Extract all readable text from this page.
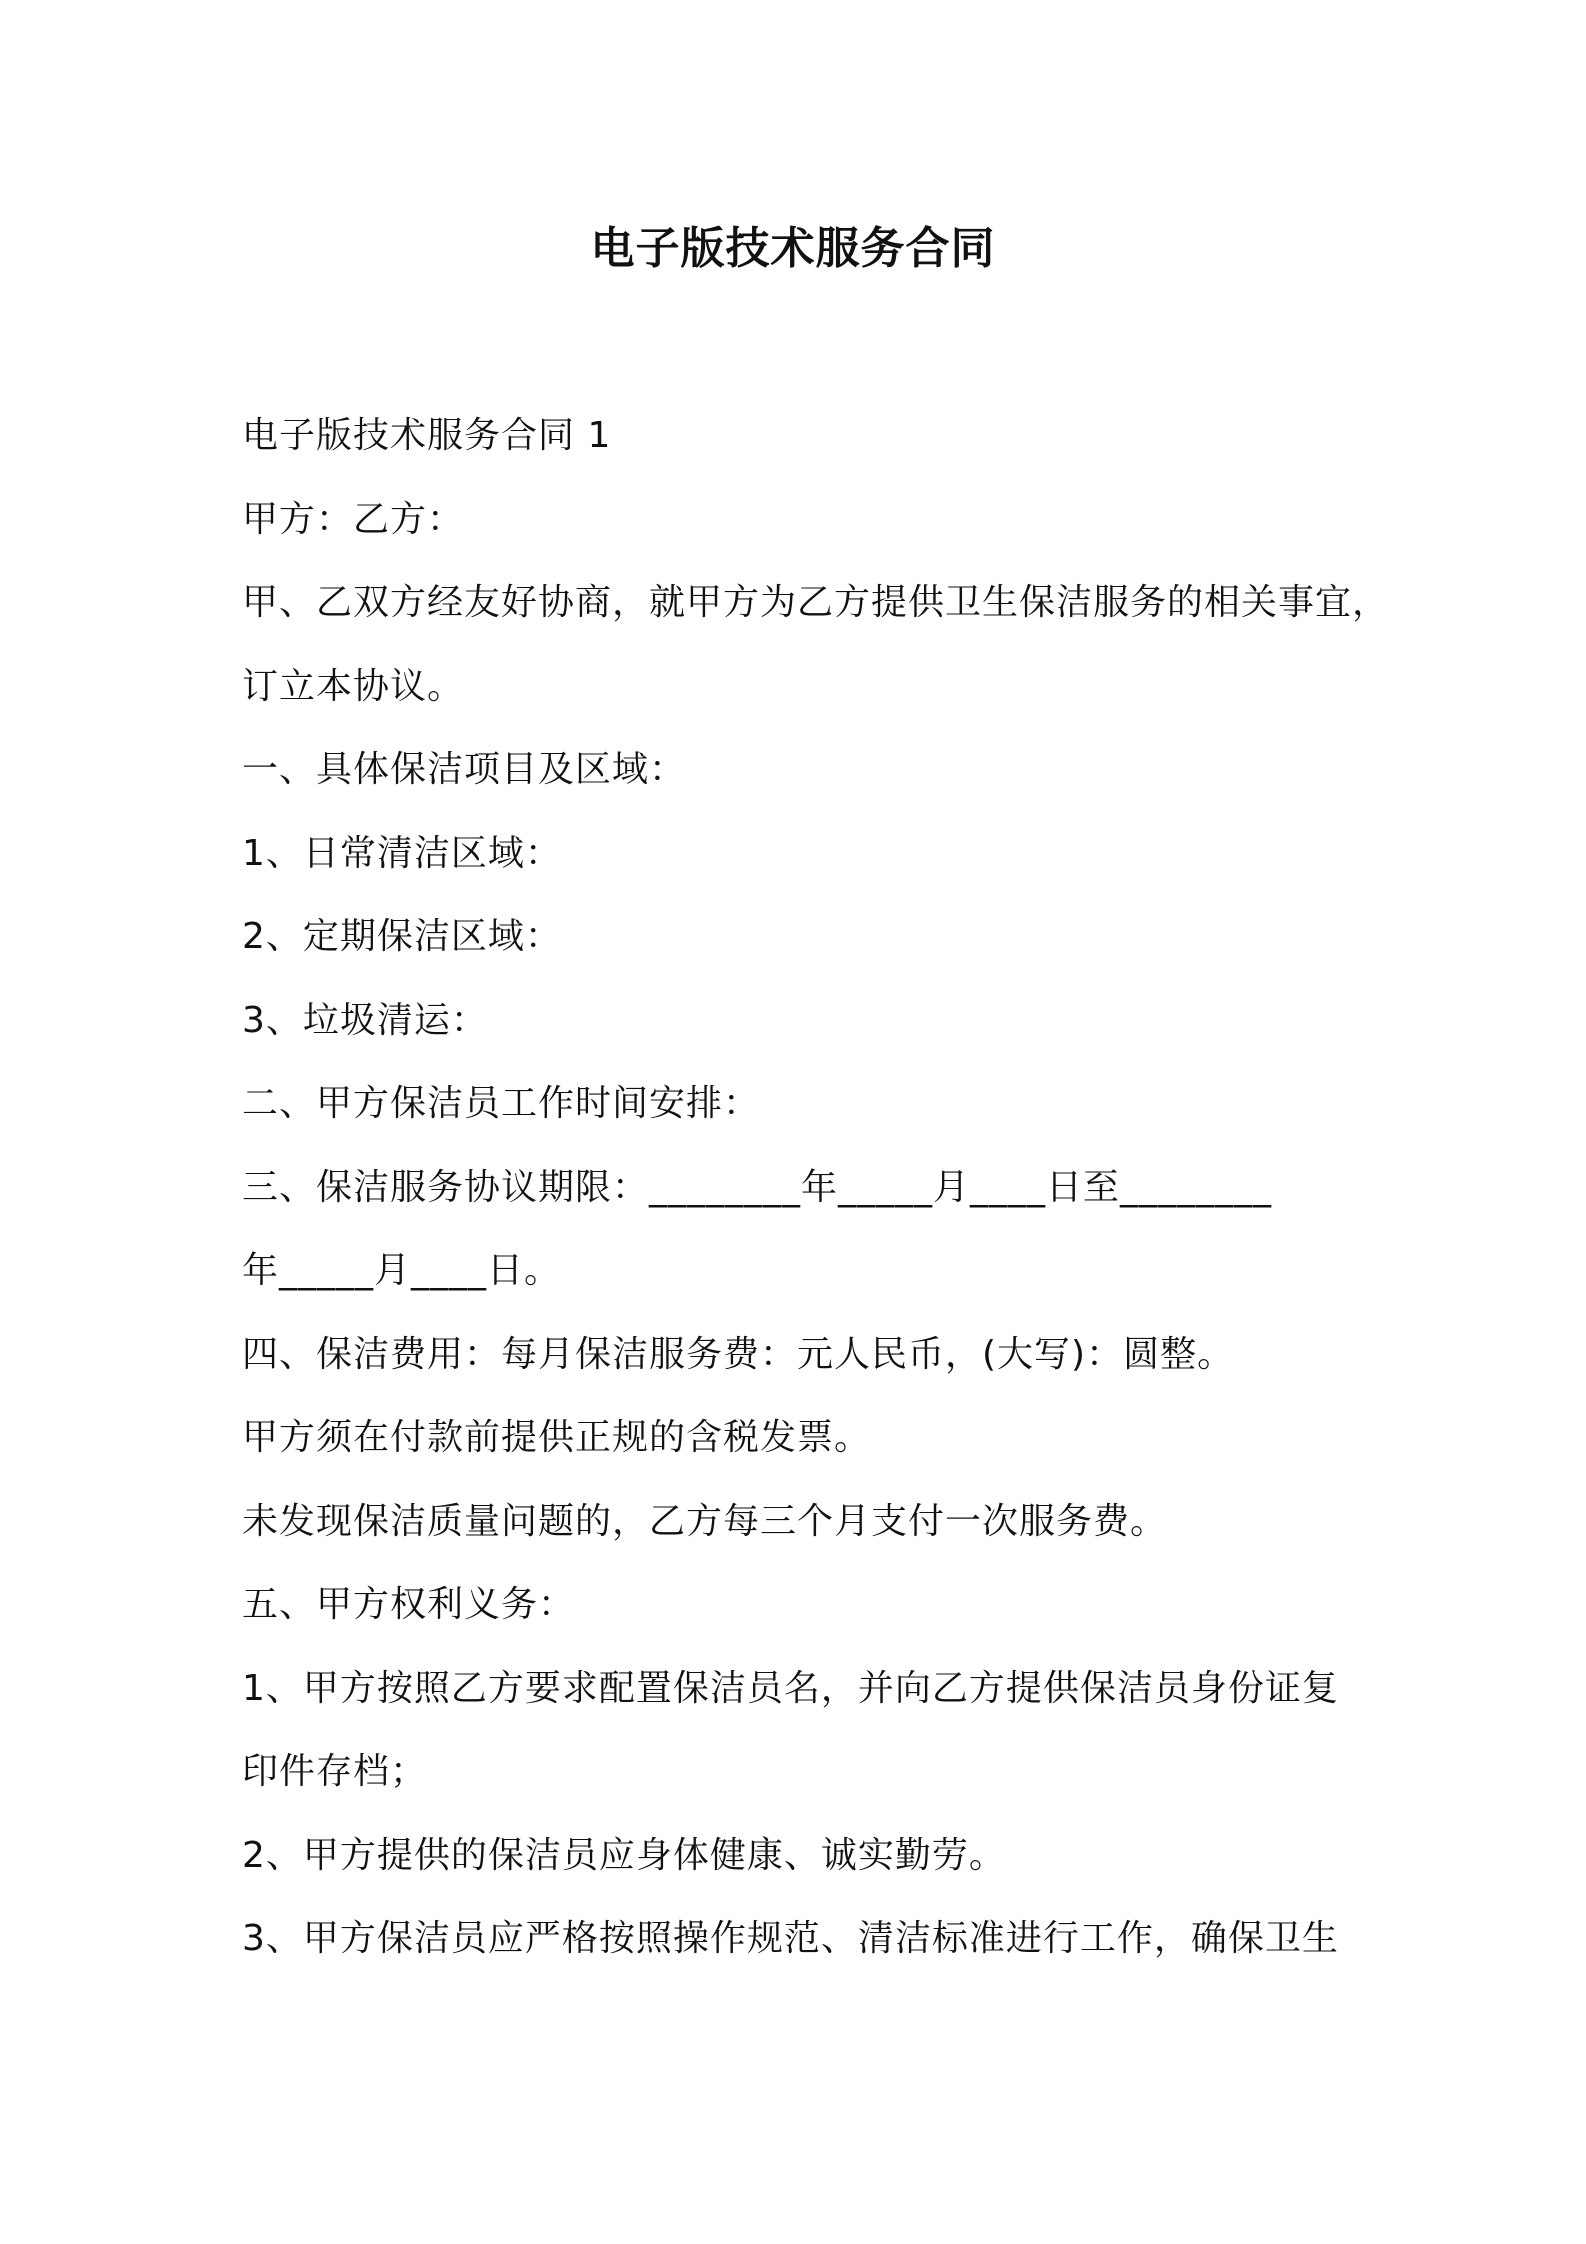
电子版技术服务合同

电子版技术服务合同 1

甲方：乙方：

甲、乙双方经友好协商，就甲方为乙方提供卫生保洁服务的相关事宜，

订立本协议。

一、具体保洁项目及区域：

1、日常清洁区域：

2、定期保洁区域：

3、垃圾清运：

二、甲方保洁员工作时间安排：

三、保洁服务协议期限：________年_____月____日至________

年_____月____日。

四、保洁费用：每月保洁服务费：元人民币，(大写)：圆整。

甲方须在付款前提供正规的含税发票。

未发现保洁质量问题的，乙方每三个月支付一次服务费。

五、甲方权利义务：

1、甲方按照乙方要求配置保洁员名，并向乙方提供保洁员身份证复

印件存档；

2、甲方提供的保洁员应身体健康、诚实勤劳。

3、甲方保洁员应严格按照操作规范、清洁标准进行工作，确保卫生
